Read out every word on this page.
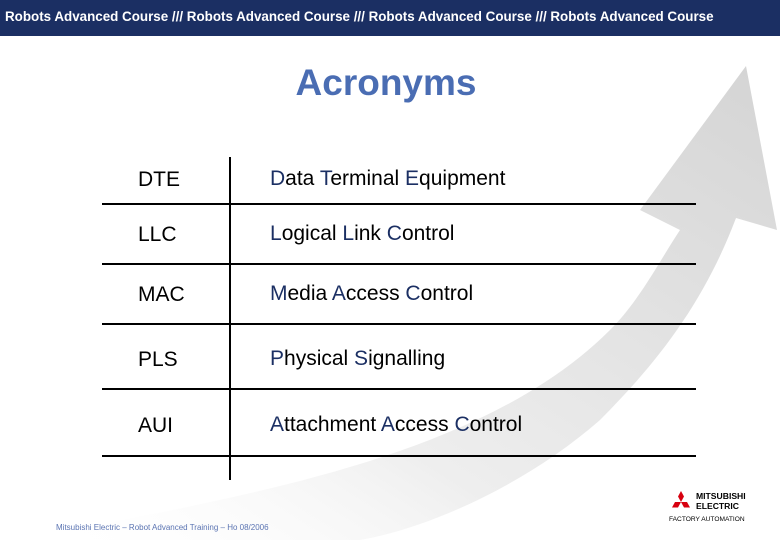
Robots Advanced Course /// Robots Advanced Course /// Robots Advanced Course /// Robots Advanced Course
Acronyms
DTE	Data Terminal Equipment
LLC	Logical Link Control
MAC	Media Access Control
PLS	Physical Signalling
AUI	Attachment Access Control
Mitsubishi Electric – Robot Advanced Training – Ho 08/2006
MITSUBISHI
ELECTRIC
FACTORY AUTOMATION
